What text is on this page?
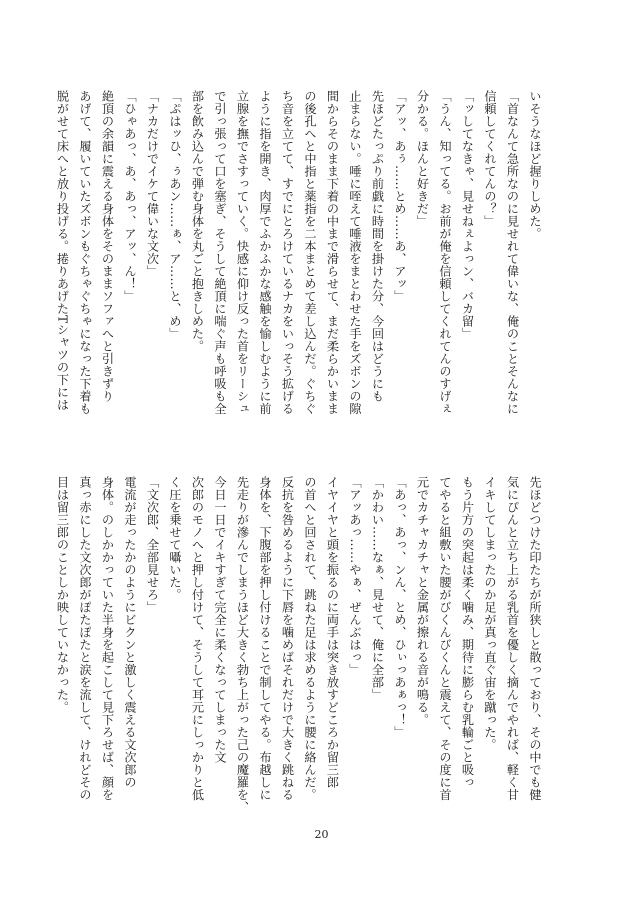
いそうなほど握りしめた。
「首なんて急所なのに見せれて偉いな、俺のことそんなに
信頼してくれてんの？」
「ッしてなきゃ、見せねぇよっン、バカ留」
「うん、知ってる。お前が俺を信頼してくれてんのすげぇ
分かる。ほんと好きだ」
「アッ、あぅ……とめ……あ、アッ」
先ほどたっぷり前戯に時間を掛けた分、今回はどうにも
止まらない。唾に咥えて唾液をまとわせた手をズボンの隙
間からそのまま下着の中まで滑らせて、まだ柔らかいまま
の後孔へと中指と薬指を二本まとめて差し込んだ。ぐちぐ
ち音を立てて、すでにとろけているナカをいっそう拡げる
ように指を開き、肉厚でふかふかな感触を愉しむように前
立腺を撫でさすっていく。快感に仰け反った首をリーシュ
で引っ張って口を塞ぎ、そうして絶頂に喘ぐ声も呼吸も全
部を飲み込んで弾む身体を丸ごと抱きしめた。
「ぷはッひ、ぅあン……ぁ、ア……と、め」
「ナカだけでイケて偉いな文次」
「ひゃあっ、あ、あっ、アッ、ん！」
絶頂の余韻に震える身体をそのままソファへと引きずり
あげて、履いていたズボンもぐちゃぐちゃになった下着も
脱がせて床へと放り投げる。捲りあげたTシャツの下には
先ほどつけた印たちが所狭しと散っており、その中でも健
気にぴんと立ち上がる乳首を優しく摘んでやれば、軽く甘
イキしてしまったのか足が真っ直ぐ宙を蹴った。
もう片方の突起は柔く噛み、期待に膨らむ乳輪ごと吸っ
てやると組敷いた腰がびくんびくんと震えて、その度に首
元でカチャカチャと金属が擦れる音が鳴る。
「あっ、あっ、ンん、とめ、ひぃっあぁっ！」
「かわい……なぁ、見せて、俺に全部」
「アッあっ……やぁ、ぜんぶはっ」
イヤイヤと頭を振るのに両手は突き放すどころか留三郎
の首へと回されて、跳ねた足は求めるように腰に絡んだ。
反抗を咎めるように下唇を噛めばそれだけで大きく跳ねる
身体を、下腹部を押し付けることで制してやる。布越しに
先走りが滲んでしまうほど大きく勃ち上がった己の魔羅を、
今日一日でイキすぎて完全に柔くなってしまった文
次郎のモノへと押し付けて、そうして耳元にしっかりと低
く圧を乗せて囁いた。
「文次郎、全部見せろ」
電流が走ったかのようにビクンと激しく震える文次郎の
身体。のしかかっていた半身を起こして見下ろせば、顔を
真っ赤にした文次郎がぽたぽたと涙を流して、けれどその
目は留三郎のことしか映していなかった。
20
